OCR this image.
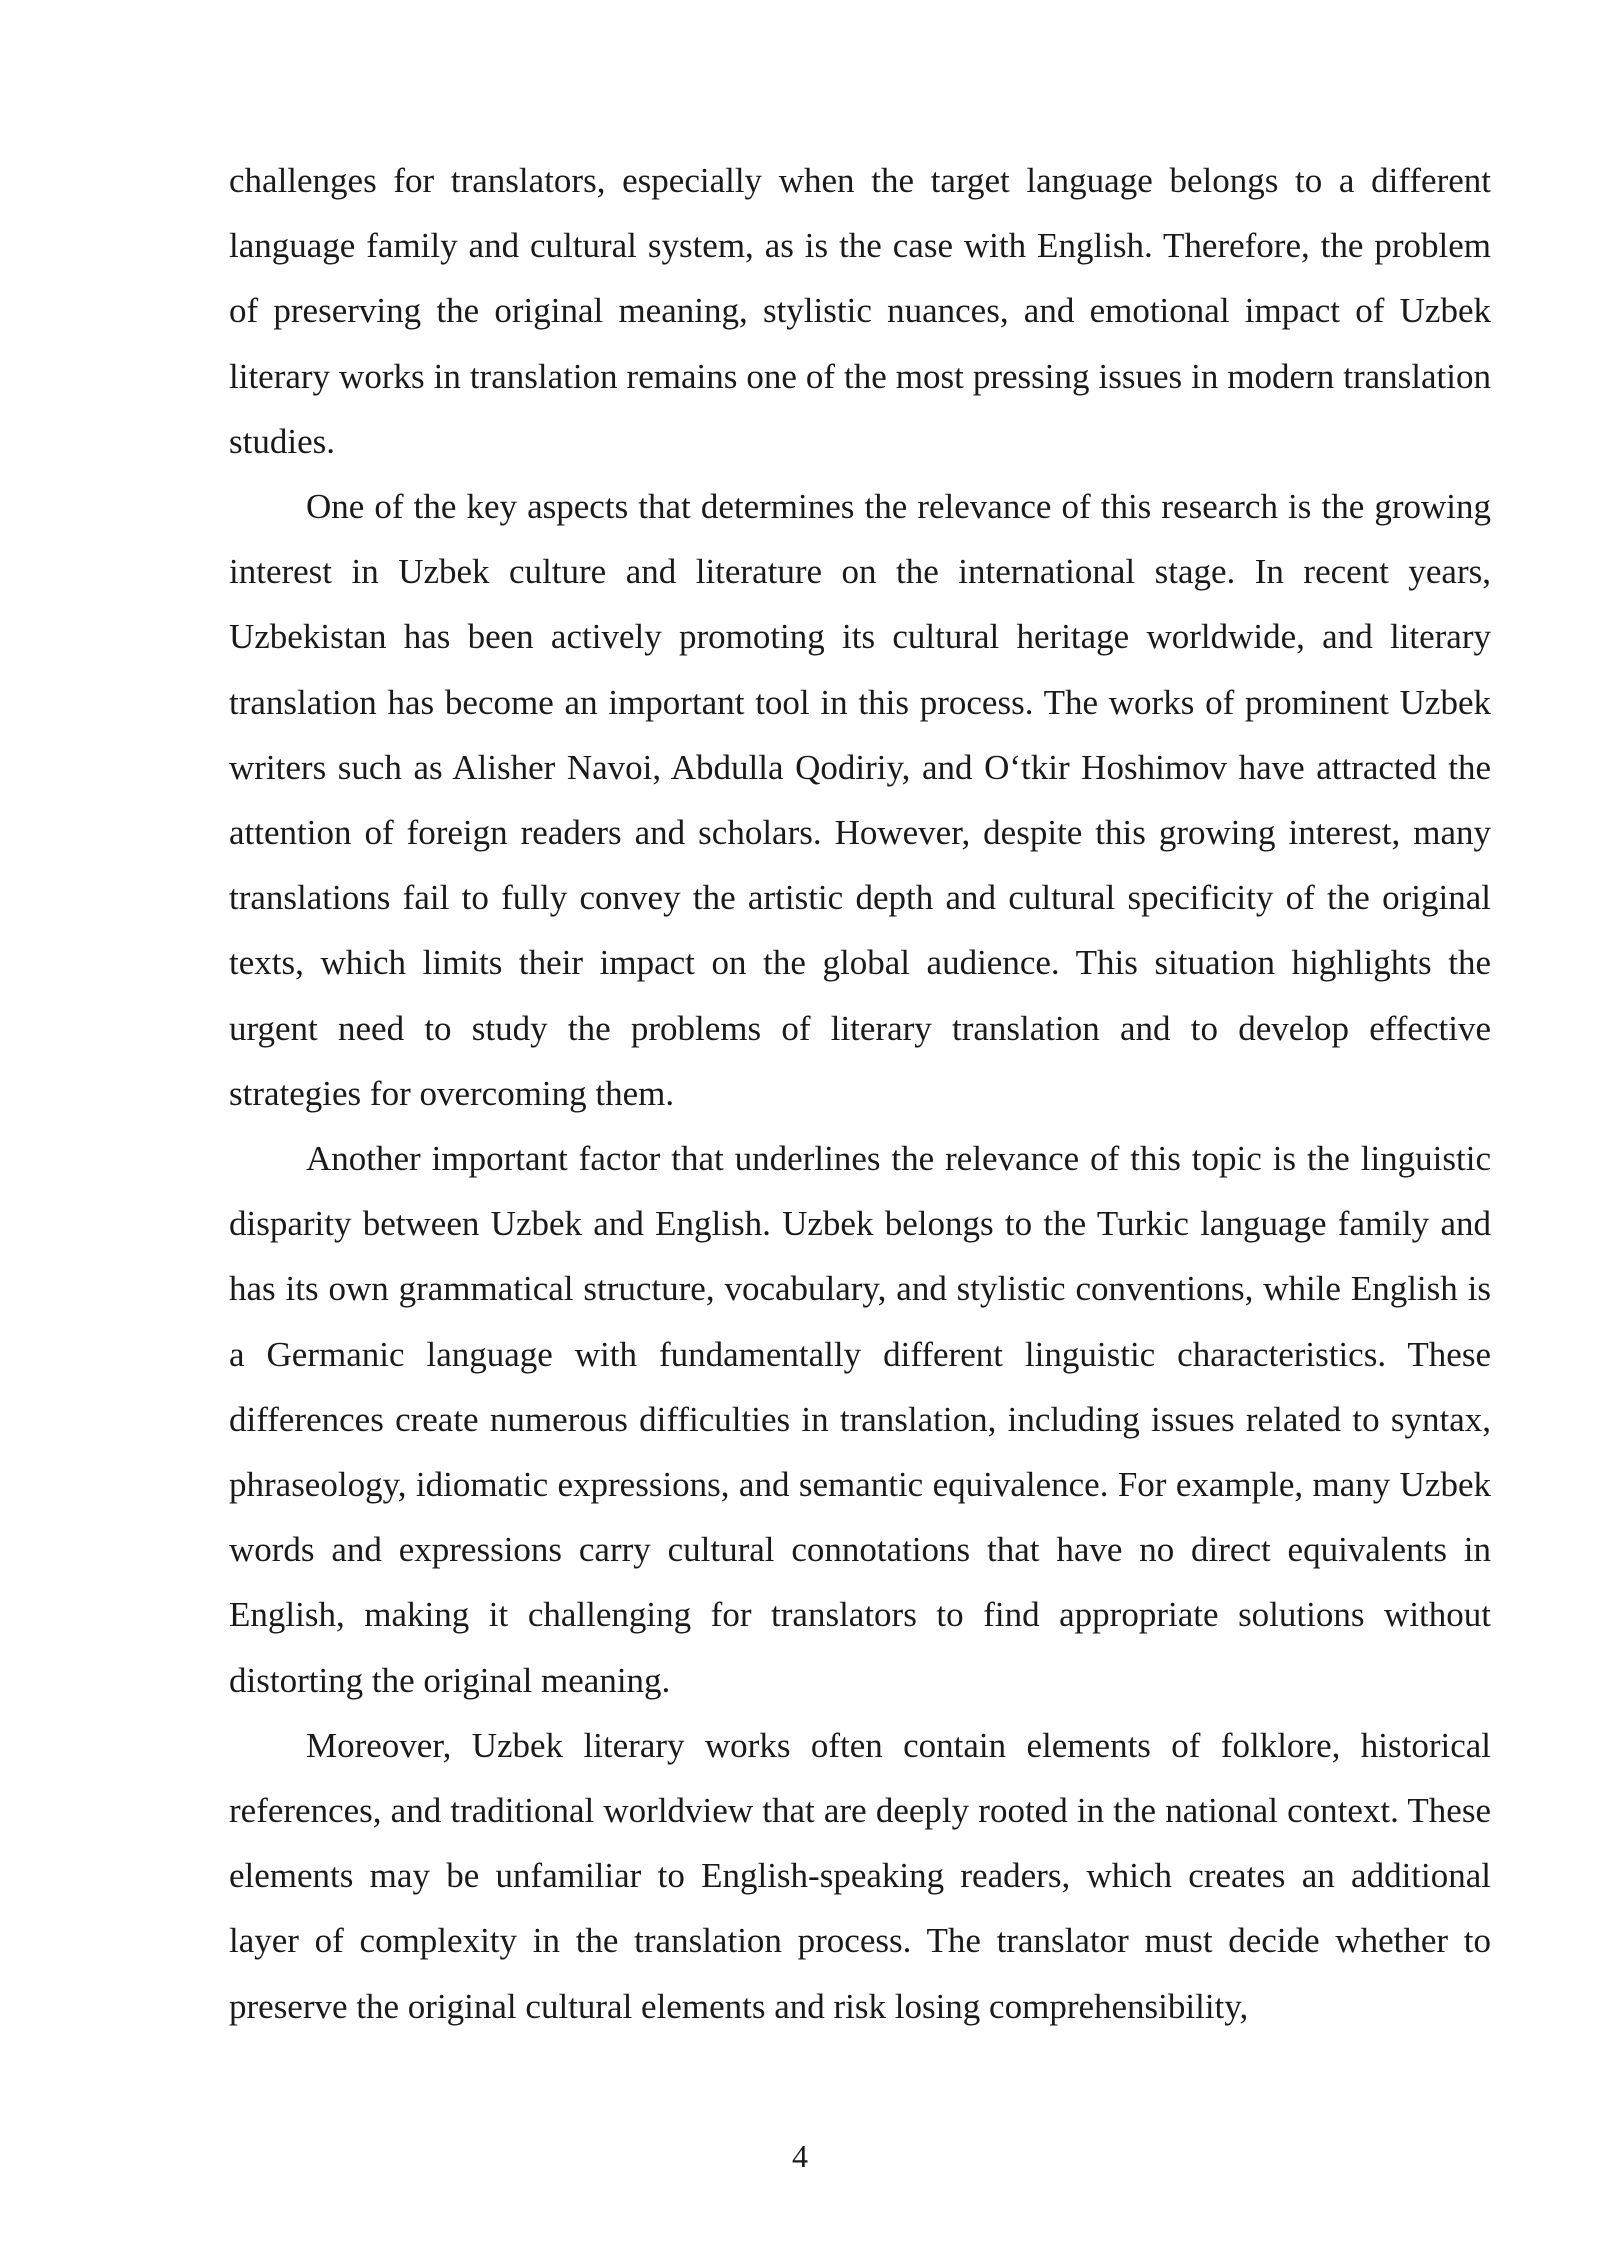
challenges for translators, especially when the target language belongs to a different language family and cultural system, as is the case with English. Therefore, the problem of preserving the original meaning, stylistic nuances, and emotional impact of Uzbek literary works in translation remains one of the most pressing issues in modern translation studies.

One of the key aspects that determines the relevance of this research is the growing interest in Uzbek culture and literature on the international stage. In recent years, Uzbekistan has been actively promoting its cultural heritage worldwide, and literary translation has become an important tool in this process. The works of prominent Uzbek writers such as Alisher Navoi, Abdulla Qodiriy, and O‘tkir Hoshimov have attracted the attention of foreign readers and scholars. However, despite this growing interest, many translations fail to fully convey the artistic depth and cultural specificity of the original texts, which limits their impact on the global audience. This situation highlights the urgent need to study the problems of literary translation and to develop effective strategies for overcoming them.

Another important factor that underlines the relevance of this topic is the linguistic disparity between Uzbek and English. Uzbek belongs to the Turkic language family and has its own grammatical structure, vocabulary, and stylistic conventions, while English is a Germanic language with fundamentally different linguistic characteristics. These differences create numerous difficulties in translation, including issues related to syntax, phraseology, idiomatic expressions, and semantic equivalence. For example, many Uzbek words and expressions carry cultural connotations that have no direct equivalents in English, making it challenging for translators to find appropriate solutions without distorting the original meaning.

Moreover, Uzbek literary works often contain elements of folklore, historical references, and traditional worldview that are deeply rooted in the national context. These elements may be unfamiliar to English-speaking readers, which creates an additional layer of complexity in the translation process. The translator must decide whether to preserve the original cultural elements and risk losing comprehensibility,

4
